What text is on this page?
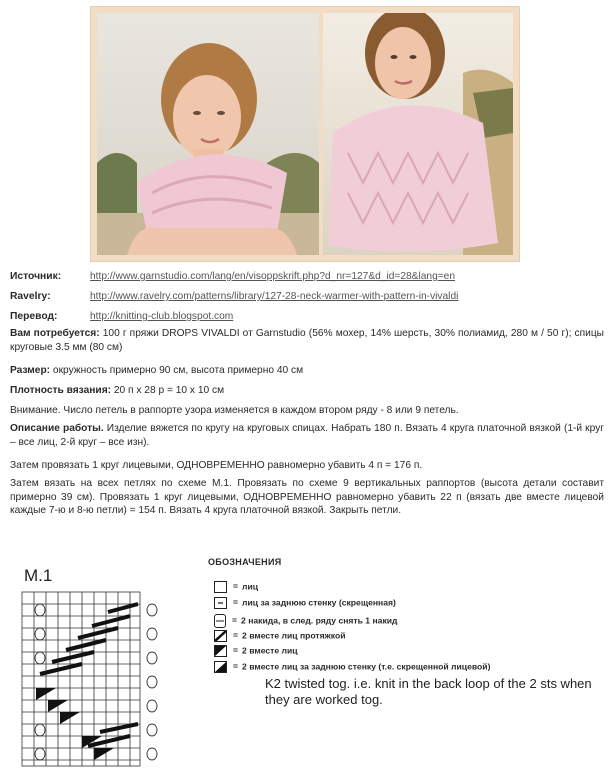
Источник:	http://www.garnstudio.com/lang/en/visoppskrift.php?d_nr=127&d_id=28&lang=en
Ravelry:	http://www.ravelry.com/patterns/library/127-28-neck-warmer-with-pattern-in-vivaldi
Перевод:	http://knitting-club.blogspot.com
Вам потребуется: 100 г пряжи DROPS VIVALDI от Garnstudio (56% мохер, 14% шерсть, 30% полиамид, 280 м / 50 г); спицы круговые 3.5 мм (80 см)
Размер: окружность примерно 90 см, высота примерно 40 см
Плотность вязания: 20 п х 28 р = 10 х 10 см
Внимание. Число петель в раппорте узора изменяется в каждом втором ряду - 8 или 9 петель.
Описание работы. Изделие вяжется по кругу на круговых спицах. Набрать 180 п. Вязать 4 круга платочной вязкой (1-й круг – все лиц, 2-й круг – все изн).
Затем провязать 1 круг лицевыми, ОДНОВРЕМЕННО равномерно убавить 4 п = 176 п.
Затем вязать на всех петлях по схеме М.1. Провязать по схеме 9 вертикальных раппортов (высота детали составит примерно 39 см). Провязать 1 круг лицевыми, ОДНОВРЕМЕННО равномерно убавить 22 п (вязать две вместе лицевой каждые 7-ю и 8-ю петли) = 154 п. Вязать 4 круга платочной вязкой. Закрыть петли.
M.1
ОБОЗНАЧЕНИЯ
= лиц
= лиц за заднюю стенку (скрещенная)
= 2 накида, в след. ряду снять 1 накид
= 2 вместе лиц протяжкой
= 2 вместе лиц
= 2 вместе лиц за заднюю стенку (т.е. скрещенной лицевой)
K2 twisted tog. i.e. knit in the back loop of the 2 sts when they are worked tog.
